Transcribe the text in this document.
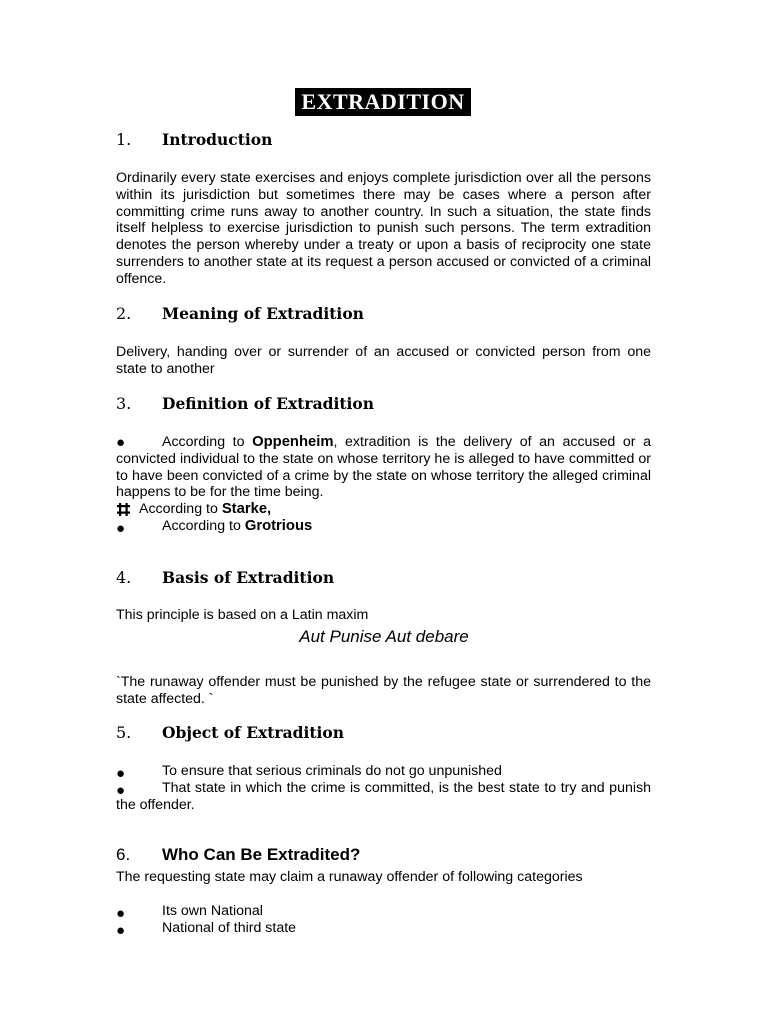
EXTRADITION
1. Introduction
Ordinarily every state exercises and enjoys complete jurisdiction over all the persons within its jurisdiction but sometimes there may be cases where a person after committing crime runs away to another country. In such a situation, the state finds itself helpless to exercise jurisdiction to punish such persons. The term extradition denotes the person whereby under a treaty or upon a basis of reciprocity one state surrenders to another state at its request a person accused or convicted of a criminal offence.
2. Meaning of Extradition
Delivery, handing over or surrender of an accused or convicted person from one state to another
3. Definition of Extradition
●	According to Oppenheim, extradition is the delivery of an accused or a convicted individual to the state on whose territory he is alleged to have committed or to have been convicted of a crime by the state on whose territory the alleged criminal happens to be for the time being.
According to Starke,
●	According to Grotrious
4. Basis of Extradition
This principle is based on a Latin maxim
Aut Punise Aut debare
`The runaway offender must be punished by the refugee state or surrendered to the state affected. `
5. Object of Extradition
●	To ensure that serious criminals do not go unpunished
●	That state in which the crime is committed, is the best state to try and punish the offender.
6. Who Can Be Extradited?
The requesting state may claim a runaway offender of following categories
●	Its own National
●	National of third state
